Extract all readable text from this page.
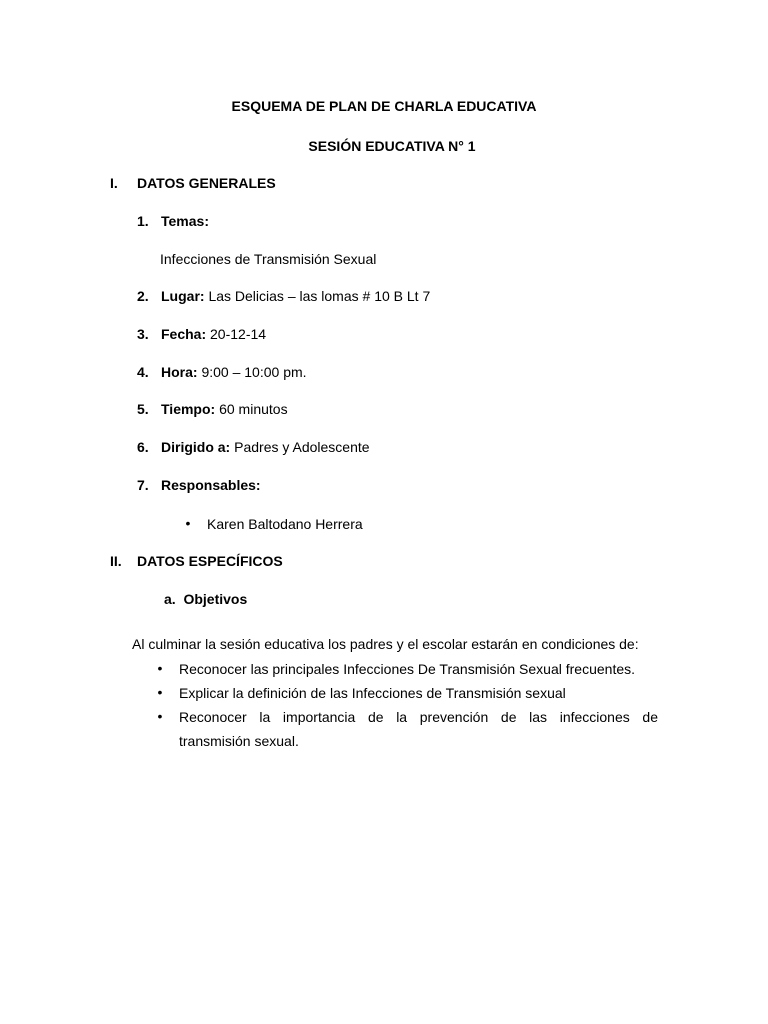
ESQUEMA DE PLAN DE CHARLA EDUCATIVA
SESIÓN EDUCATIVA N° 1
I. DATOS GENERALES
1. Temas:
Infecciones de Transmisión Sexual
2. Lugar: Las Delicias – las lomas # 10 B Lt 7
3. Fecha: 20-12-14
4. Hora: 9:00 – 10:00 pm.
5. Tiempo: 60 minutos
6. Dirigido a: Padres y Adolescente
7. Responsables:
• Karen Baltodano Herrera
II. DATOS ESPECÍFICOS
a. Objetivos
Al culminar la sesión educativa los padres y el escolar estarán en condiciones de:
• Reconocer las principales Infecciones De Transmisión Sexual frecuentes.
• Explicar la definición de las Infecciones de Transmisión sexual
• Reconocer la importancia de la prevención de las infecciones de
transmisión sexual.
